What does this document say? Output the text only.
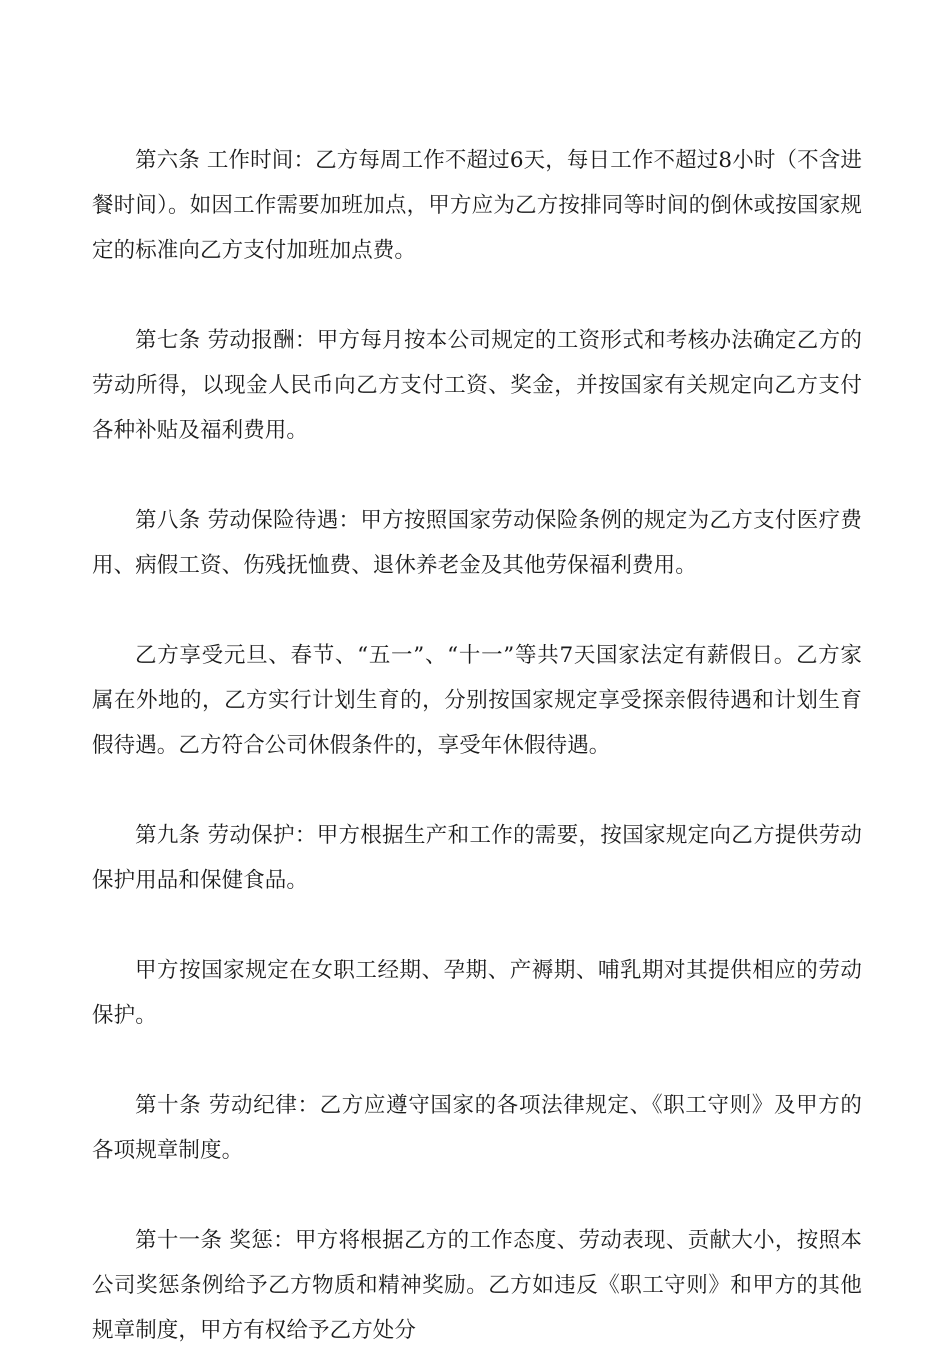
第六条 工作时间：乙方每周工作不超过6天，每日工作不超过8小时（不含进餐时间）。如因工作需要加班加点，甲方应为乙方按排同等时间的倒休或按国家规定的标准向乙方支付加班加点费。

第七条 劳动报酬：甲方每月按本公司规定的工资形式和考核办法确定乙方的劳动所得，以现金人民币向乙方支付工资、奖金，并按国家有关规定向乙方支付各种补贴及福利费用。

第八条 劳动保险待遇：甲方按照国家劳动保险条例的规定为乙方支付医疗费用、病假工资、伤残抚恤费、退休养老金及其他劳保福利费用。

乙方享受元旦、春节、“五一”、“十一”等共7天国家法定有薪假日。乙方家属在外地的，乙方实行计划生育的，分别按国家规定享受探亲假待遇和计划生育假待遇。乙方符合公司休假条件的，享受年休假待遇。

第九条 劳动保护：甲方根据生产和工作的需要，按国家规定向乙方提供劳动保护用品和保健食品。

甲方按国家规定在女职工经期、孕期、产褥期、哺乳期对其提供相应的劳动保护。

第十条 劳动纪律：乙方应遵守国家的各项法律规定、《职工守则》及甲方的各项规章制度。

第十一条 奖惩：甲方将根据乙方的工作态度、劳动表现、贡献大小，按照本公司奖惩条例给予乙方物质和精神奖励。乙方如违反《职工守则》和甲方的其他规章制度，甲方有权给予乙方处分
